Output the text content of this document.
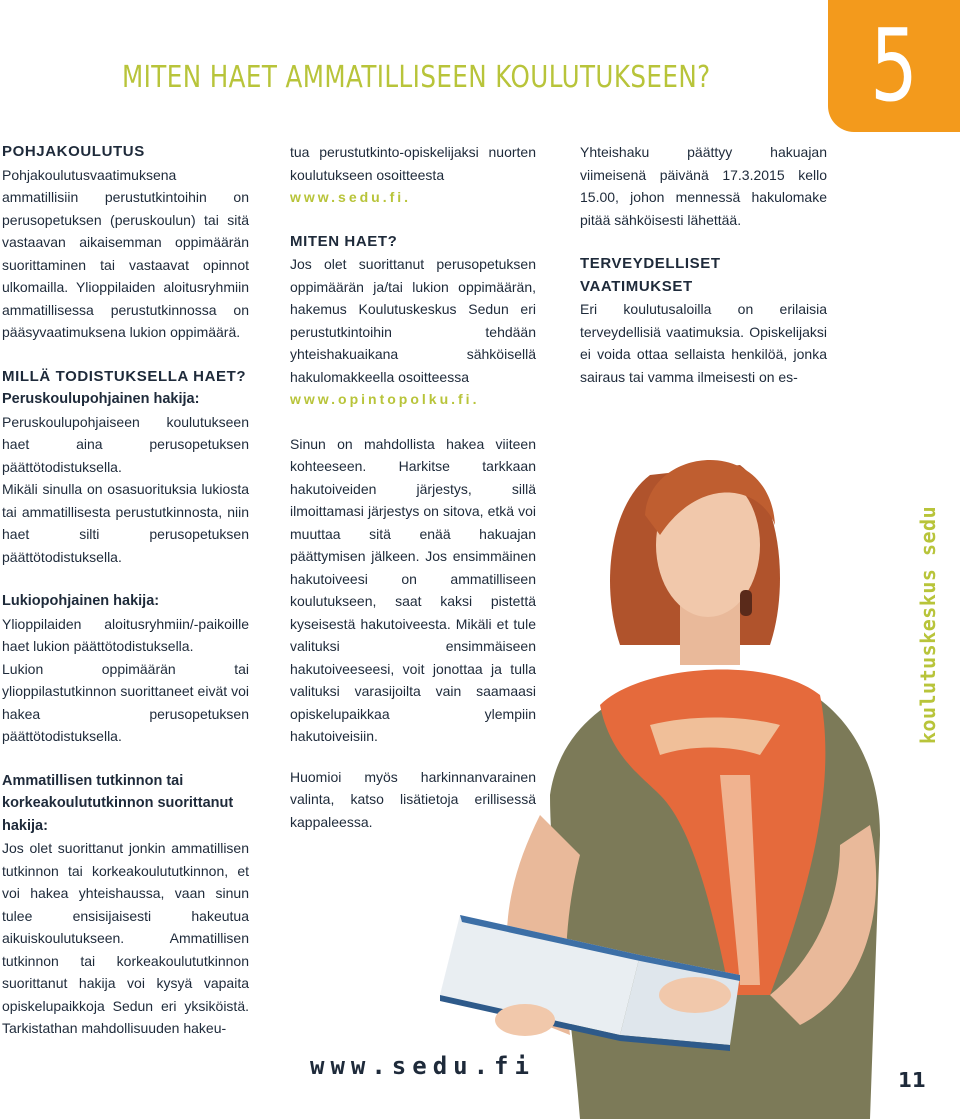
MITEN HAET AMMATILLISEEN KOULUTUKSEEN? 5

POHJAKOULUTUS

Pohjakoulutusvaatimuksena ammatillisiin perustutkintoihin on perusopetuksen (peruskoulun) tai sitä vastaavan aikaisemman oppimäärän suorittaminen tai vastaavat opinnot ulkomailla. Ylioppilaiden aloitusryhmiin ammatillisessa perustutkinnossa on pääsyvaatimuksena lukion oppimäärä.

MILLÄ TODISTUKSELLA HAET?

Peruskoulupohjainen hakija:

Peruskoulupohjaiseen koulutukseen haet aina perusopetuksen päättötodistuksella.

Mikäli sinulla on osasuorituksia lukiosta tai ammatillisesta perustutkinnosta, niin haet silti perusopetuksen päättötodistuksella.

Lukiopohjainen hakija:

Ylioppilaiden aloitusryhmiin/-paikoille haet lukion päättötodistuksella.

Lukion oppimäärän tai ylioppilastutkinnon suorittaneet eivät voi hakea perusopetuksen päättötodistuksella.

Ammatillisen tutkinnon tai korkeakoulututkinnon suorittanut hakija:

Jos olet suorittanut jonkin ammatillisen tutkinnon tai korkeakoulututkinnon, et voi hakea yhteishaussa, vaan sinun tulee ensisijaisesti hakeutua aikuiskoulutukseen. Ammatillisen tutkinnon tai korkeakoulututkinnon suorittanut hakija voi kysyä vapaita opiskelupaikkoja Sedun eri yksiköistä. Tarkistathan mahdollisuuden hakeu-

tua perustutkinto-opiskelijaksi nuorten koulutukseen osoitteesta

www.sedu.fi.

MITEN HAET?

Jos olet suorittanut perusopetuksen oppimäärän ja/tai lukion oppimäärän, hakemus Koulutuskeskus Sedun eri perustutkintoihin tehdään yhteishakuaikana sähköisellä hakulomakkeella osoitteessa

www.opintopolku.fi.

Sinun on mahdollista hakea viiteen kohteeseen. Harkitse tarkkaan hakutoiveiden järjestys, sillä ilmoittamasi järjestys on sitova, etkä voi muuttaa sitä enää hakuajan päättymisen jälkeen. Jos ensimmäinen hakutoiveesi on ammatilliseen koulutukseen, saat kaksi pistettä kyseisestä hakutoiveesta. Mikäli et tule valituksi ensimmäiseen hakutoiveeseesi, voit jonottaa ja tulla valituksi varasijoilta vain saamaasi opiskelupaikkaa ylempiin hakutoiveisiin.

Huomioi myös harkinnanvarainen valinta, katso lisätietoja erillisessä kappaleessa.

Yhteishaku päättyy hakuajan viimeisenä päivänä 17.3.2015 kello 15.00, johon mennessä hakulomake pitää sähköisesti lähettää.

TERVEYDELLISET

VAATIMUKSET

Eri koulutusaloilla on erilaisia terveydellisiä vaatimuksia. Opiskelijaksi ei voida ottaa sellaista henkilöä, jonka sairaus tai vamma ilmeisesti on es-

koulutuskeskus sedu
www.sedu.fi	11
